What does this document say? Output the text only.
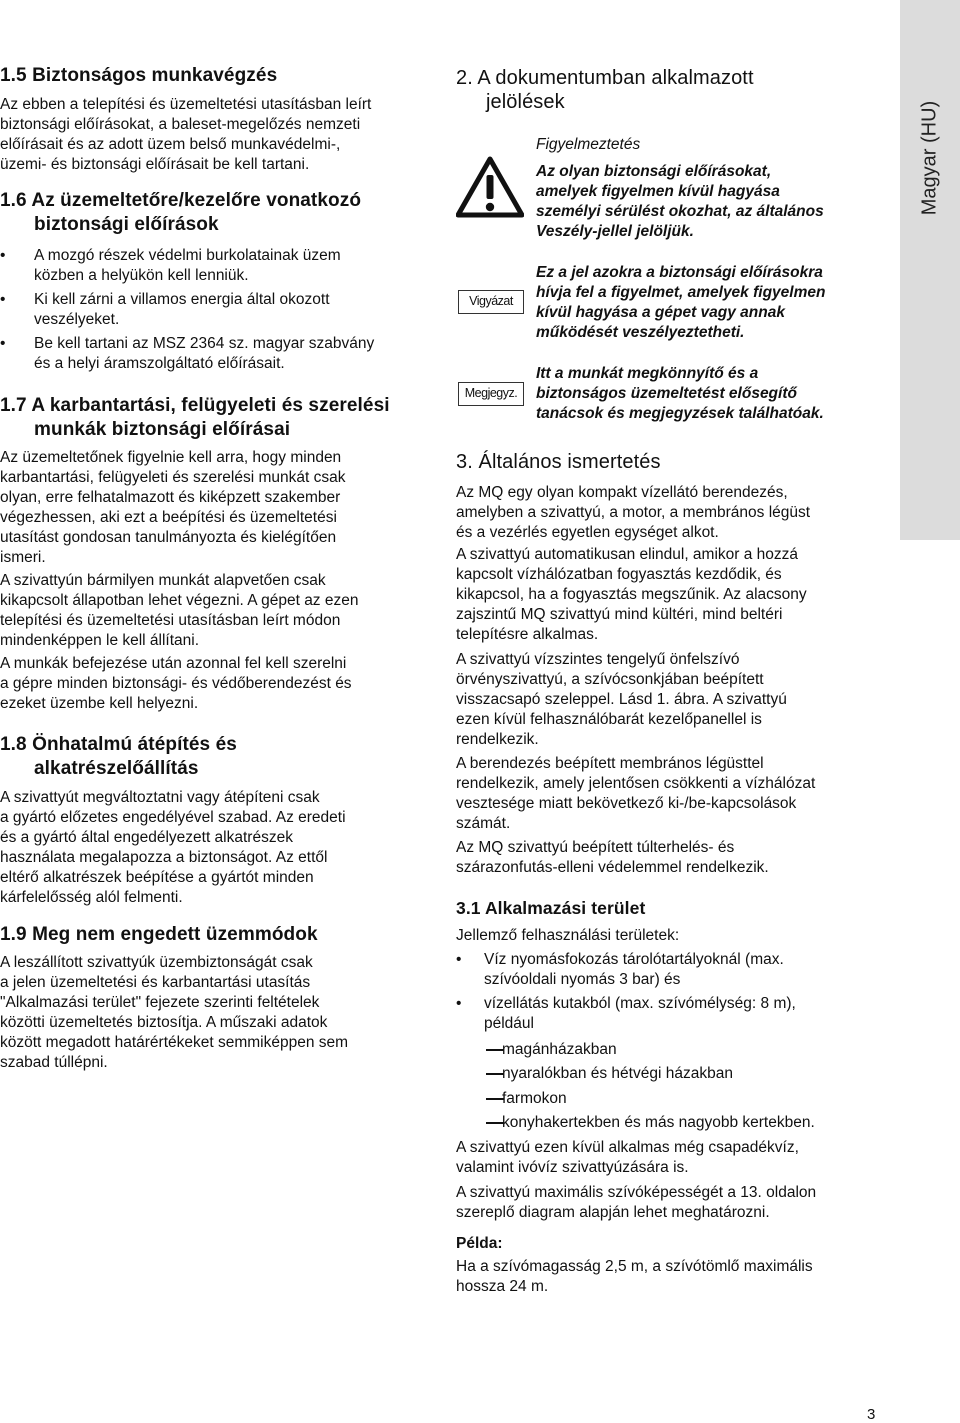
Magyar (HU)
1.5 Biztonságos munkavégzés
Az ebben a telepítési és üzemeltetési utasításban leírt
biztonsági előírásokat, a baleset-megelőzés nemzeti
előírásait és az adott üzem belső munkavédelmi-,
üzemi- és biztonsági előírásait be kell tartani.
1.6 Az üzemeltetőre/kezelőre vonatkozó
biztonsági előírások
• A mozgó részek védelmi burkolatainak üzem
közben a helyükön kell lenniük.
• Ki kell zárni a villamos energia által okozott
veszélyeket.
• Be kell tartani az MSZ 2364 sz. magyar szabvány
és a helyi áramszolgáltató előírásait.
1.7 A karbantartási, felügyeleti és szerelési
munkák biztonsági előírásai
Az üzemeltetőnek figyelnie kell arra, hogy minden
karbantartási, felügyeleti és szerelési munkát csak
olyan, erre felhatalmazott és kiképzett szakember
végezhessen, aki ezt a beépítési és üzemeltetési
utasítást gondosan tanulmányozta és kielégítően
ismeri.
A szivattyún bármilyen munkát alapvetően csak
kikapcsolt állapotban lehet végezni. A gépet az ezen
telepítési és üzemeltetési utasításban leírt módon
mindenképpen le kell állítani.
A munkák befejezése után azonnal fel kell szerelni
a gépre minden biztonsági- és védőberendezést és
ezeket üzembe kell helyezni.
1.8 Önhatalmú átépítés és
alkatrészelőállítás
A szivattyút megváltoztatni vagy átépíteni csak
a gyártó előzetes engedélyével szabad. Az eredeti
és a gyártó által engedélyezett alkatrészek
használata megalapozza a biztonságot. Az ettől
eltérő alkatrészek beépítése a gyártót minden
kárfelelősség alól felmenti.
1.9 Meg nem engedett üzemmódok
A leszállított szivattyúk üzembiztonságát csak
a jelen üzemeltetési és karbantartási utasítás
"Alkalmazási terület" fejezete szerinti feltételek
közötti üzemeltetés biztosítja. A műszaki adatok
között megadott határértékeket semmiképpen sem
szabad túllépni.
2. A dokumentumban alkalmazott
jelölések
Figyelmeztetés
Az olyan biztonsági előírásokat,
amelyek figyelmen kívül hagyása
személyi sérülést okozhat, az általános
Veszély-jellel jelöljük.
Vigyázat
Ez a jel azokra a biztonsági előírásokra
hívja fel a figyelmet, amelyek figyelmen
kívül hagyása a gépet vagy annak
működését veszélyeztetheti.
Megjegyz.
Itt a munkát megkönnyítő és a
biztonságos üzemeltetést elősegítő
tanácsok és megjegyzések találhatóak.
3. Általános ismertetés
Az MQ egy olyan kompakt vízellátó berendezés,
amelyben a szivattyú, a motor, a membrános légüst
és a vezérlés egyetlen egységet alkot.
A szivattyú automatikusan elindul, amikor a hozzá
kapcsolt vízhálózatban fogyasztás kezdődik, és
kikapcsol, ha a fogyasztás megszűnik. Az alacsony
zajszintű MQ szivattyú mind kültéri, mind beltéri
telepítésre alkalmas.
A szivattyú vízszintes tengelyű önfelszívó
örvényszivattyú, a szívócsonkjában beépített
visszacsapó szeleppel. Lásd 1. ábra. A szivattyú
ezen kívül felhasználóbarát kezelőpanellel is
rendelkezik.
A berendezés beépített membrános légüsttel
rendelkezik, amely jelentősen csökkenti a vízhálózat
vesztesége miatt bekövetkező ki-/be-kapcsolások
számát.
Az MQ szivattyú beépített túlterhelés- és
szárazonfutás-elleni védelemmel rendelkezik.
3.1 Alkalmazási terület
Jellemző felhasználási területek:
• Víz nyomásfokozás tárolótartályoknál (max.
szívóoldali nyomás 3 bar) és
• vízellátás kutakból (max. szívómélység: 8 m),
például
magánházakban
nyaralókban és hétvégi házakban
farmokon
konyhakertekben és más nagyobb kertekben.
A szivattyú ezen kívül alkalmas még csapadékvíz,
valamint ivóvíz szivattyúzására is.
A szivattyú maximális szívóképességét a 13. oldalon
szereplő diagram alapján lehet meghatározni.
Példa:
Ha a szívómagasság 2,5 m, a szívótömlő maximális
hossza 24 m.
3
